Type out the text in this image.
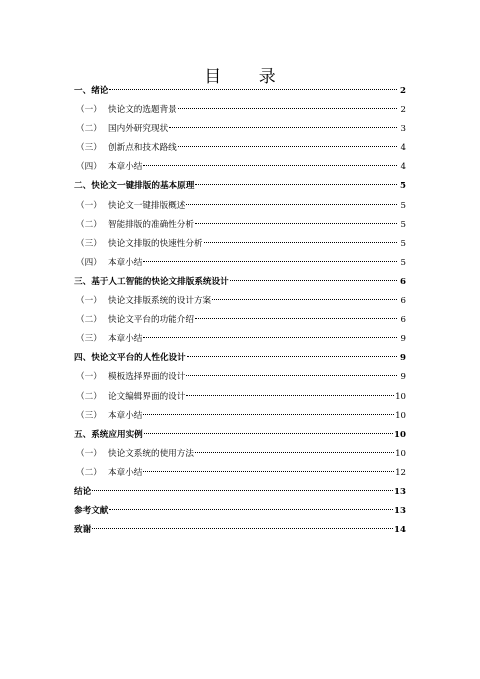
目 录
一、绪论	2
（一） 快论文的选题背景	2
（二） 国内外研究现状	3
（三） 创新点和技术路线	4
（四） 本章小结	4
二、快论文一键排版的基本原理	5
（一） 快论文一键排版概述	5
（二） 智能排版的准确性分析	5
（三） 快论文排版的快速性分析	5
（四） 本章小结	5
三、基于人工智能的快论文排版系统设计	6
（一） 快论文排版系统的设计方案	6
（二） 快论文平台的功能介绍	6
（三） 本章小结	9
四、快论文平台的人性化设计	9
（一） 模板选择界面的设计	9
（二） 论文编辑界面的设计	10
（三） 本章小结	10
五、系统应用实例	10
（一） 快论文系统的使用方法	10
（二） 本章小结	12
结论	13
参考文献	13
致谢	14
